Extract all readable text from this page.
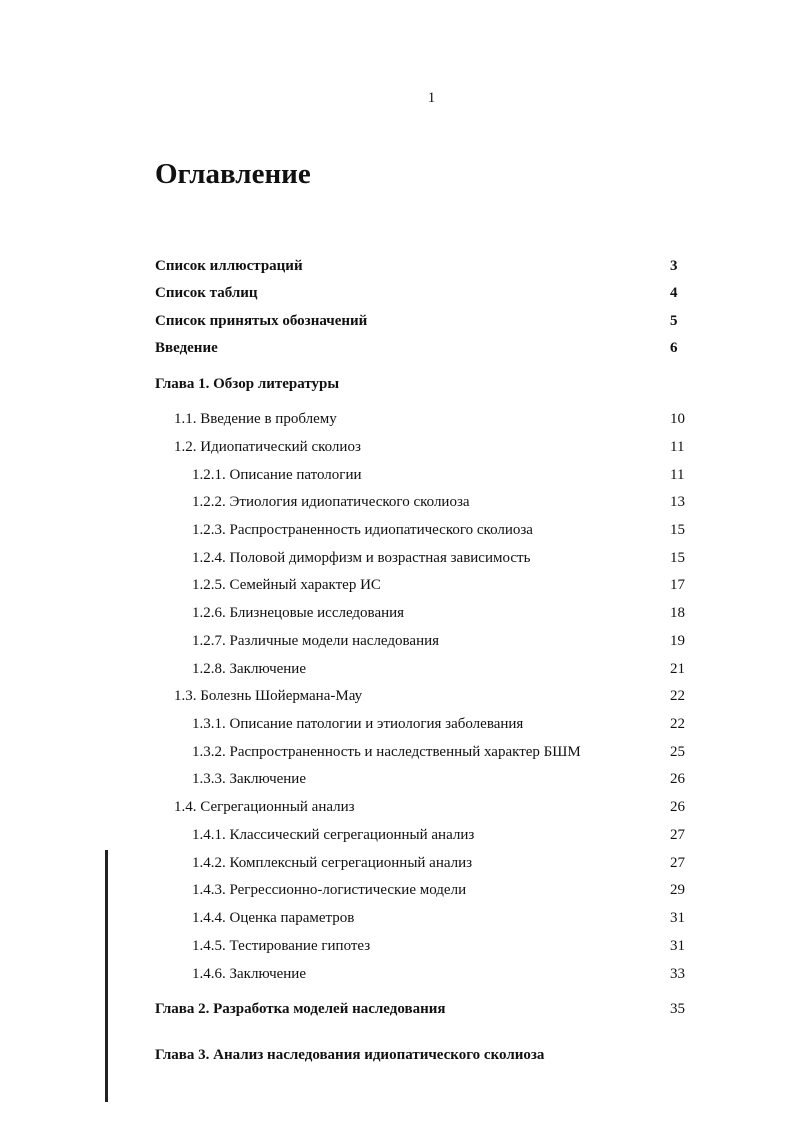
1
Оглавление
Список иллюстраций	3
Список таблиц	4
Список принятых обозначений	5
Введение	6
Глава 1. Обзор литературы
1.1. Введение в проблему	10
1.2. Идиопатический сколиоз	11
1.2.1. Описание патологии	11
1.2.2. Этиология идиопатического сколиоза	13
1.2.3. Распространенность идиопатического сколиоза	15
1.2.4. Половой диморфизм и возрастная зависимость	15
1.2.5. Семейный характер ИС	17
1.2.6. Близнецовые исследования	18
1.2.7. Различные модели наследования	19
1.2.8. Заключение	21
1.3. Болезнь Шойермана-Мау	22
1.3.1. Описание патологии и этиология заболевания	22
1.3.2. Распространенность и наследственный характер БШМ	25
1.3.3. Заключение	26
1.4. Сегрегационный анализ	26
1.4.1. Классический сегрегационный анализ	27
1.4.2. Комплексный сегрегационный анализ	27
1.4.3. Регрессионно-логистические модели	29
1.4.4. Оценка параметров	31
1.4.5. Тестирование гипотез	31
1.4.6. Заключение	33
Глава 2. Разработка моделей наследования	35
Глава 3. Анализ наследования идиопатического сколиоза
